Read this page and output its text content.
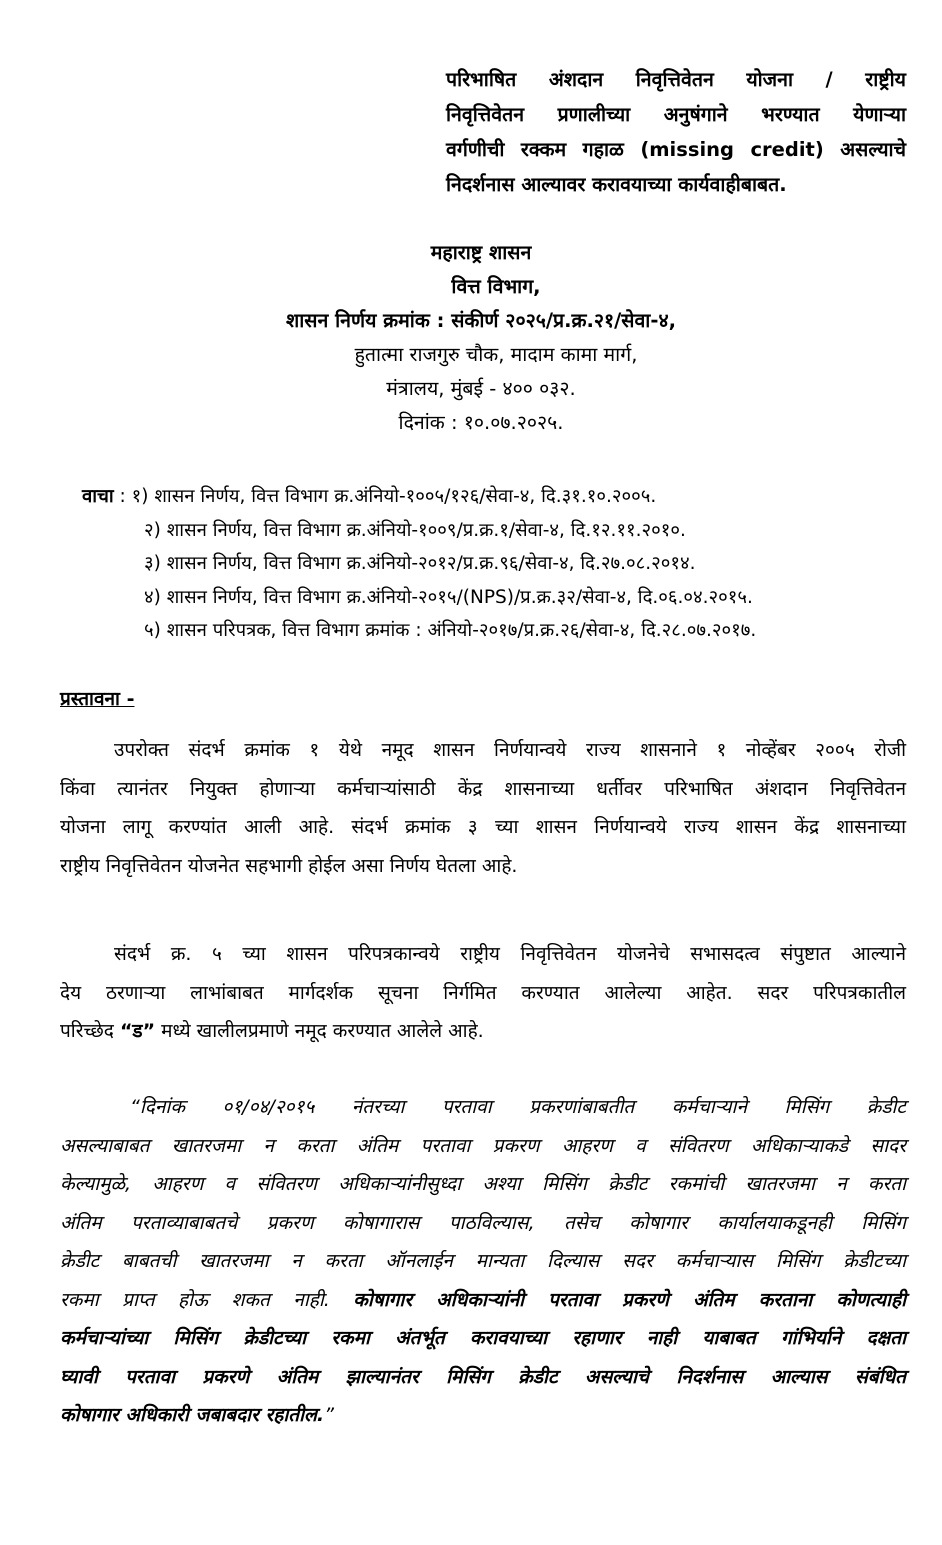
परिभाषित अंशदान निवृत्तिवेतन योजना / राष्ट्रीय
निवृत्तिवेतन प्रणालीच्या अनुषंगाने भरण्यात येणाऱ्या
वर्गणीची रक्कम गहाळ (missing credit) असल्याचे
निदर्शनास आल्यावर करावयाच्या कार्यवाहीबाबत.
महाराष्ट्र शासन
वित्त विभाग,
शासन निर्णय क्रमांक : संकीर्ण २०२५/प्र.क्र.२१/सेवा-४,
हुतात्मा राजगुरु चौक, मादाम कामा मार्ग,
मंत्रालय, मुंबई - ४०० ०३२.
दिनांक : १०.०७.२०२५.
वाचा : १) शासन निर्णय, वित्त विभाग क्र.अंनियो-१००५/१२६/सेवा-४, दि.३१.१०.२००५.
२) शासन निर्णय, वित्त विभाग क्र.अंनियो-१००९/प्र.क्र.१/सेवा-४, दि.१२.११.२०१०.
३) शासन निर्णय, वित्त विभाग क्र.अंनियो-२०१२/प्र.क्र.९६/सेवा-४, दि.२७.०८.२०१४.
४) शासन निर्णय, वित्त विभाग क्र.अंनियो-२०१५/(NPS)/प्र.क्र.३२/सेवा-४, दि.०६.०४.२०१५.
५) शासन परिपत्रक, वित्त विभाग क्रमांक : अंनियो-२०१७/प्र.क्र.२६/सेवा-४, दि.२८.०७.२०१७.
प्रस्तावना -
उपरोक्त संदर्भ क्रमांक १ येथे नमूद शासन निर्णयान्वये राज्य शासनाने १ नोव्हेंबर २००५ रोजी
किंवा त्यानंतर नियुक्त होणाऱ्या कर्मचाऱ्यांसाठी केंद्र शासनाच्या धर्तीवर परिभाषित अंशदान निवृत्तिवेतन
योजना लागू करण्यांत आली आहे. संदर्भ क्रमांक ३ च्या शासन निर्णयान्वये राज्य शासन केंद्र शासनाच्या
राष्ट्रीय निवृत्तिवेतन योजनेत सहभागी होईल असा निर्णय घेतला आहे.
संदर्भ क्र. ५ च्या शासन परिपत्रकान्वये राष्ट्रीय निवृत्तिवेतन योजनेचे सभासदत्व संपुष्टात आल्याने
देय ठरणाऱ्या लाभांबाबत मार्गदर्शक सूचना निर्गमित करण्यात आलेल्या आहेत. सदर परिपत्रकातील
परिच्छेद “ड” मध्ये खालीलप्रमाणे नमूद करण्यात आलेले आहे.
“दिनांक ०१/०४/२०१५ नंतरच्या परतावा प्रकरणांबाबतीत कर्मचाऱ्याने मिसिंग क्रेडीट
असल्याबाबत खातरजमा न करता अंतिम परतावा प्रकरण आहरण व संवितरण अधिकाऱ्याकडे सादर
केल्यामुळे, आहरण व संवितरण अधिकाऱ्यांनीसुध्दा अश्या मिसिंग क्रेडीट रकमांची खातरजमा न करता
अंतिम परताव्याबाबतचे प्रकरण कोषागारास पाठविल्यास, तसेच कोषागार कार्यालयाकडूनही मिसिंग
क्रेडीट बाबतची खातरजमा न करता ऑनलाईन मान्यता दिल्यास सदर कर्मचाऱ्यास मिसिंग क्रेडीटच्या
रकमा प्राप्त होऊ शकत नाही. कोषागार अधिकाऱ्यांनी परतावा प्रकरणे अंतिम करताना कोणत्याही
कर्मचाऱ्यांच्या मिसिंग क्रेडीटच्या रकमा अंतर्भूत करावयाच्या रहाणार नाही याबाबत गांभिर्याने दक्षता
घ्यावी परतावा प्रकरणे अंतिम झाल्यानंतर मिसिंग क्रेडीट असल्याचे निदर्शनास आल्यास संबंधित
कोषागार अधिकारी जबाबदार रहातील.”
